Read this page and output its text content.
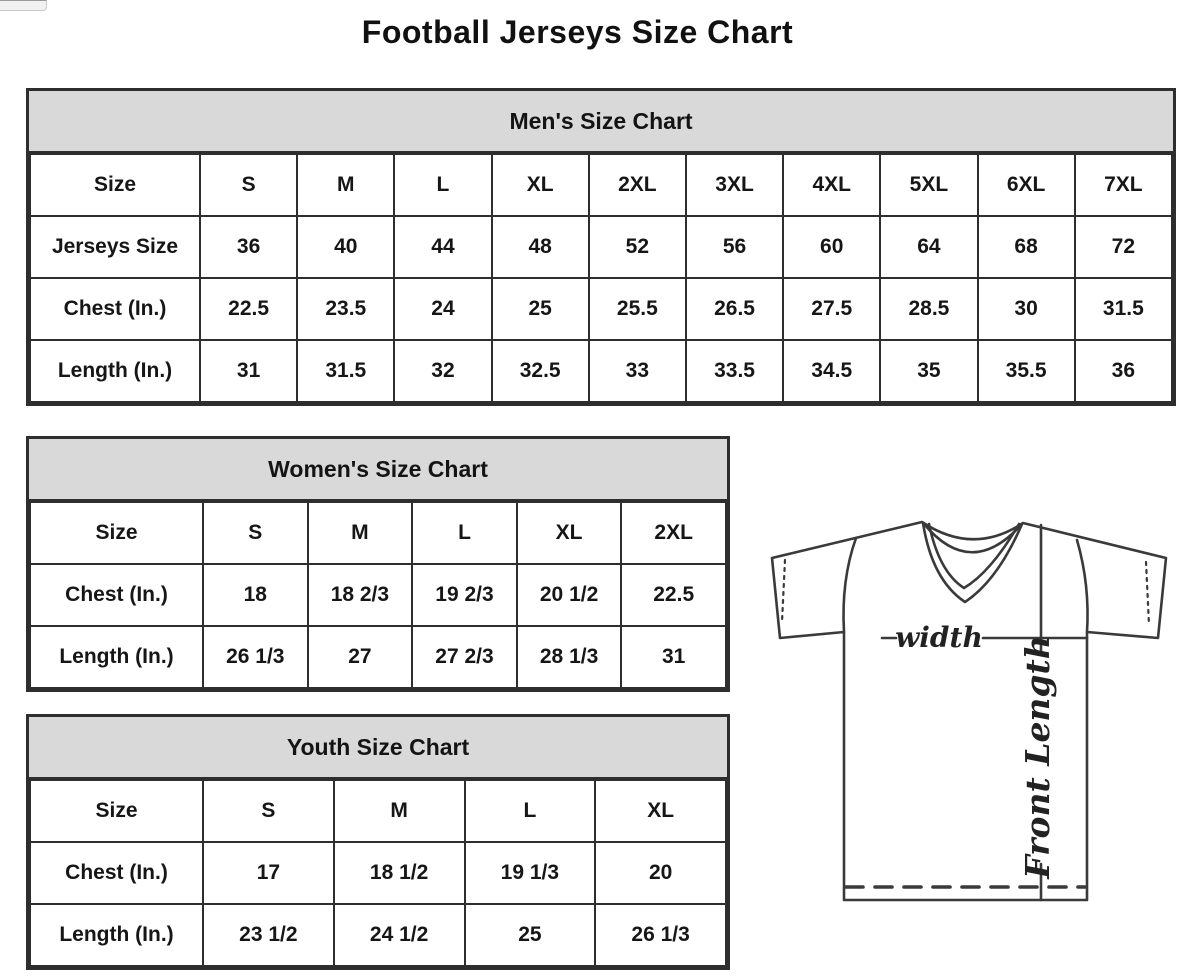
Football Jerseys Size Chart
Men's Size Chart
Size	S	M	L	XL	2XL	3XL	4XL	5XL	6XL	7XL
Jerseys Size	36	40	44	48	52	56	60	64	68	72
Chest (In.)	22.5	23.5	24	25	25.5	26.5	27.5	28.5	30	31.5
Length (In.)	31	31.5	32	32.5	33	33.5	34.5	35	35.5	36
Women's Size Chart
Size	S	M	L	XL	2XL
Chest (In.)	18	18 2/3	19 2/3	20 1/2	22.5
Length (In.)	26 1/3	27	27 2/3	28 1/3	31
Youth Size Chart
Size	S	M	L	XL
Chest (In.)	17	18 1/2	19 1/3	20
Length (In.)	23 1/2	24 1/2	25	26 1/3
width Front Length
